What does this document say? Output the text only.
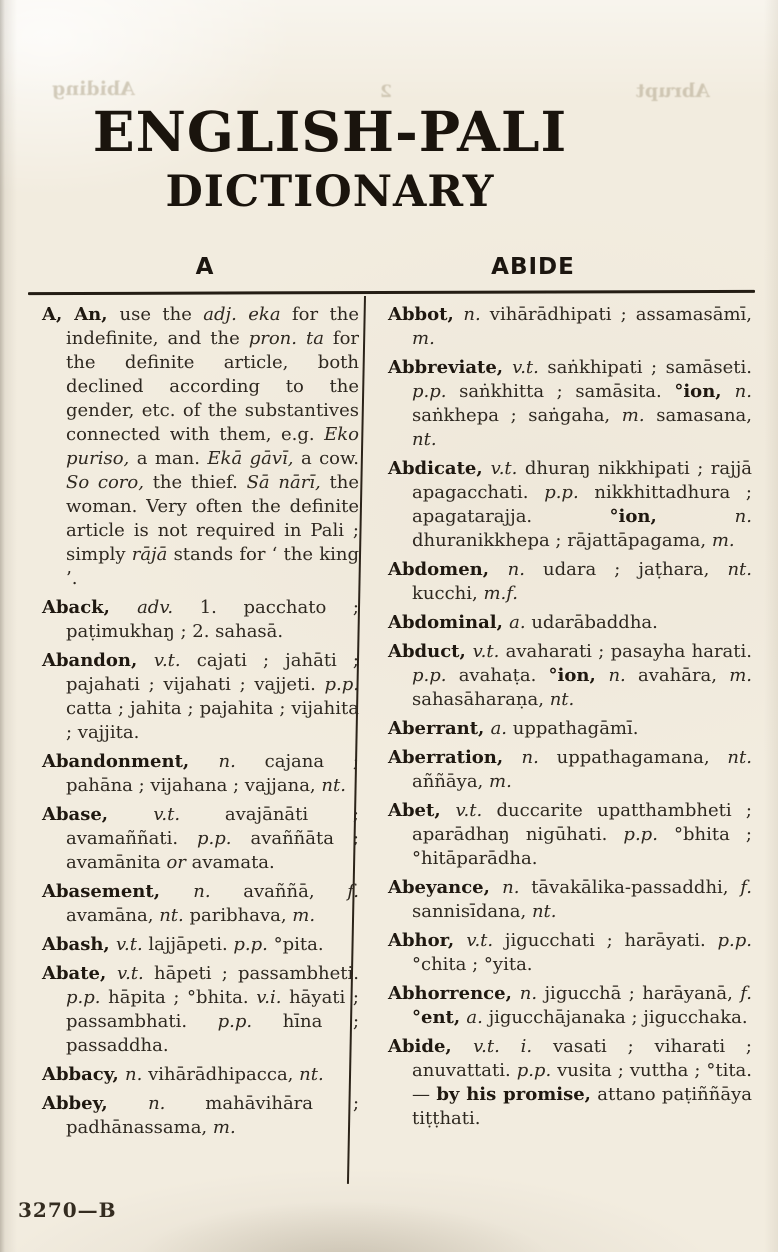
Abiding	2	Abrupt
ENGLISH-PALI
DICTIONARY
A	ABIDE

A, An, use the adj. eka for the indefinite, and the pron. ta for the definite article, both declined according to the gender, etc. of the substantives connected with them, e.g. Eko puriso, a man. Ekā gāvī, a cow. So coro, the thief. Sā nārī, the woman. Very often the definite article is not required in Pali ; simply rājā stands for ‘ the king ’.

Aback, adv. 1. pacchato ; paṭimukhaŋ ; 2. sahasā.

Abandon, v.t. cajati ; jahāti ; pajahati ; vijahati ; vajjeti. p.p. catta ; jahita ; pajahita ; vijahita ; vajjita.

Abandonment, n. cajana ; pahāna ; vijahana ; vajjana, nt.

Abase, v.t. avajānāti ; avamaññati. p.p. avaññāta ; avamānita or avamata.

Abasement, n. avaññā, f. avamāna, nt. paribhava, m.

Abash, v.t. lajjāpeti. p.p. °pita.

Abate, v.t. hāpeti ; passambheti. p.p. hāpita ; °bhita. v.i. hāyati ; passambhati. p.p. hīna ; passaddha.

Abbacy, n. vihārādhipacca, nt.

Abbey, n. mahāvihāra ; padhānassama, m.

Abbot, n. vihārādhipati ; assamasāmī, m.

Abbreviate, v.t. saṅkhipati ; samāseti. p.p. saṅkhitta ; samāsita. °ion, n. saṅkhepa ; saṅgaha, m. samasana, nt.

Abdicate, v.t. dhuraŋ nikkhipati ; rajjā apagacchati. p.p. nikkhittadhura ; apagatarajja. °ion, n. dhuranikkhepa ; rājattāpagama, m.

Abdomen, n. udara ; jaṭhara, nt. kucchi, m.f.

Abdominal, a. udarābaddha.

Abduct, v.t. avaharati ; pasayha harati. p.p. avahaṭa. °ion, n. avahāra, m. sahasāharaṇa, nt.

Aberrant, a. uppathagāmī.

Aberration, n. uppathagamana, nt. aññāya, m.

Abet, v.t. duccarite upatthambheti ; aparādhaŋ nigūhati. p.p. °bhita ; °hitāparādha.

Abeyance, n. tāvakālika-passaddhi, f. sannisīdana, nt.

Abhor, v.t. jigucchati ; harāyati. p.p. °chita ; °yita.

Abhorrence, n. jigucchā ; harāyanā, f. °ent, a. jigucchājanaka ; jigucchaka.

Abide, v.t. i. vasati ; viharati ; anuvattati. p.p. vusita ; vuttha ; °tita. — by his promise, attano paṭiññāya tiṭṭhati.

3270—B
